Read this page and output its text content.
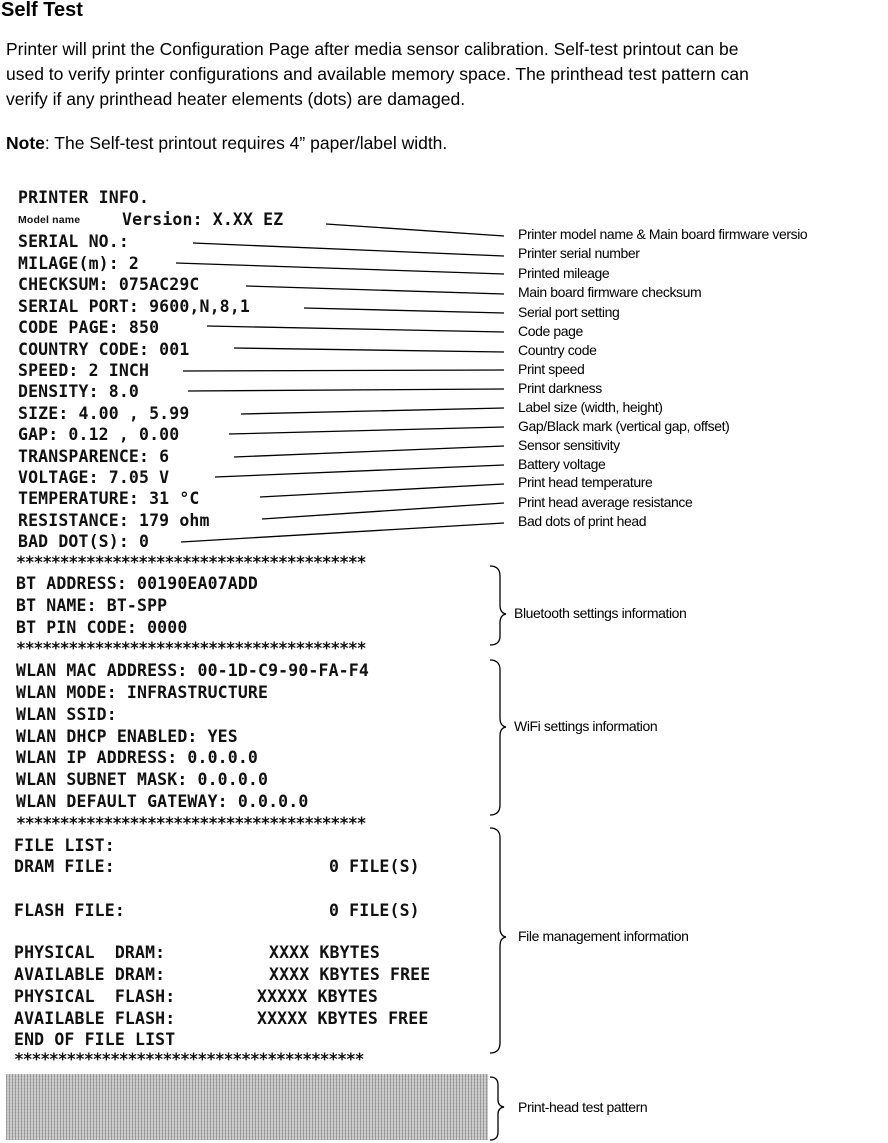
Self Test
Printer will print the Configuration Page after media sensor calibration. Self-test printout can be
used to verify printer configurations and available memory space. The printhead test pattern can
verify if any printhead heater elements (dots) are damaged.

Note: The Self-test printout requires 4” paper/label width.

PRINTER INFO.
Model name	Version: X.XX EZ
SERIAL NO.:
MILAGE(m): 2
CHECKSUM: 075AC29C
SERIAL PORT: 9600,N,8,1
CODE PAGE: 850
COUNTRY CODE: 001
SPEED: 2 INCH
DENSITY: 8.0
SIZE: 4.00 , 5.99
GAP: 0.12 , 0.00
TRANSPARENCE: 6
VOLTAGE: 7.05 V
TEMPERATURE: 31 °C
RESISTANCE: 179 ohm
BAD DOT(S): 0
****************************************
BT ADDRESS: 00190EA07ADD
BT NAME: BT-SPP
BT PIN CODE: 0000
****************************************
WLAN MAC ADDRESS: 00-1D-C9-90-FA-F4
WLAN MODE: INFRASTRUCTURE
WLAN SSID:
WLAN DHCP ENABLED: YES
WLAN IP ADDRESS: 0.0.0.0
WLAN SUBNET MASK: 0.0.0.0
WLAN DEFAULT GATEWAY: 0.0.0.0
****************************************
FILE LIST:
DRAM FILE:	0 FILE(S)
FLASH FILE:	0 FILE(S)
PHYSICAL  DRAM:	XXXX KBYTES
AVAILABLE DRAM:	XXXX KBYTES FREE
PHYSICAL  FLASH:	XXXXX KBYTES
AVAILABLE FLASH:	XXXXX KBYTES FREE
END OF FILE LIST
****************************************
Printer model name & Main board firmware versio
Printer serial number
Printed mileage
Main board firmware checksum
Serial port setting
Code page
Country code
Print speed
Print darkness
Label size (width, height)
Gap/Black mark (vertical gap, offset)
Sensor sensitivity
Battery voltage
Print head temperature
Print head average resistance
Bad dots of print head
Bluetooth settings information
WiFi settings information
File management information
Print-head test pattern
